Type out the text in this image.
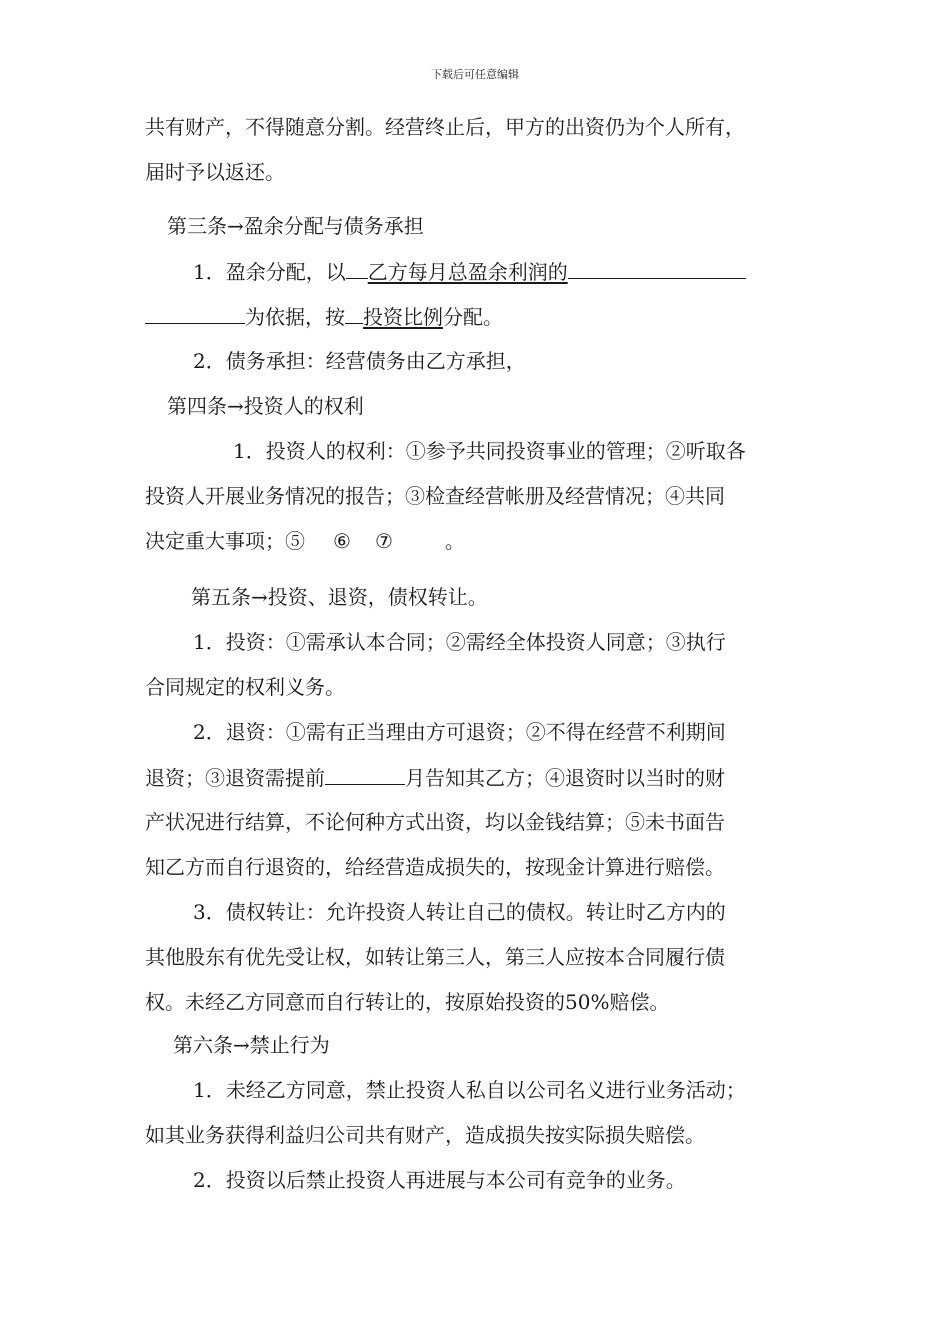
下载后可任意编辑
共有财产，不得随意分割。经营终止后，甲方的出资仍为个人所有，
届时予以返还。
第三条→盈余分配与债务承担
1．盈余分配，以 乙方每月总盈余利润的
为依据，按 投资比例分配。
2．债务承担：经营债务由乙方承担，
第四条→投资人的权利
1．投资人的权利：①参予共同投资事业的管理；②听取各
投资人开展业务情况的报告；③检查经营帐册及经营情况；④共同
决定重大事项；⑤ ⑥ ⑦	。
第五条→投资、退资，债权转让。
1．投资：①需承认本合同；②需经全体投资人同意；③执行
合同规定的权利义务。
2．退资：①需有正当理由方可退资；②不得在经营不利期间
退资；③退资需提前	月告知其乙方；④退资时以当时的财
产状况进行结算，不论何种方式出资，均以金钱结算；⑤未书面告
知乙方而自行退资的，给经营造成损失的，按现金计算进行赔偿。
3．债权转让：允许投资人转让自己的债权。转让时乙方内的
其他股东有优先受让权，如转让第三人，第三人应按本合同履行债
权。未经乙方同意而自行转让的，按原始投资的50%赔偿。
第六条→禁止行为
1．未经乙方同意，禁止投资人私自以公司名义进行业务活动；
如其业务获得利益归公司共有财产，造成损失按实际损失赔偿。
2．投资以后禁止投资人再进展与本公司有竞争的业务。
